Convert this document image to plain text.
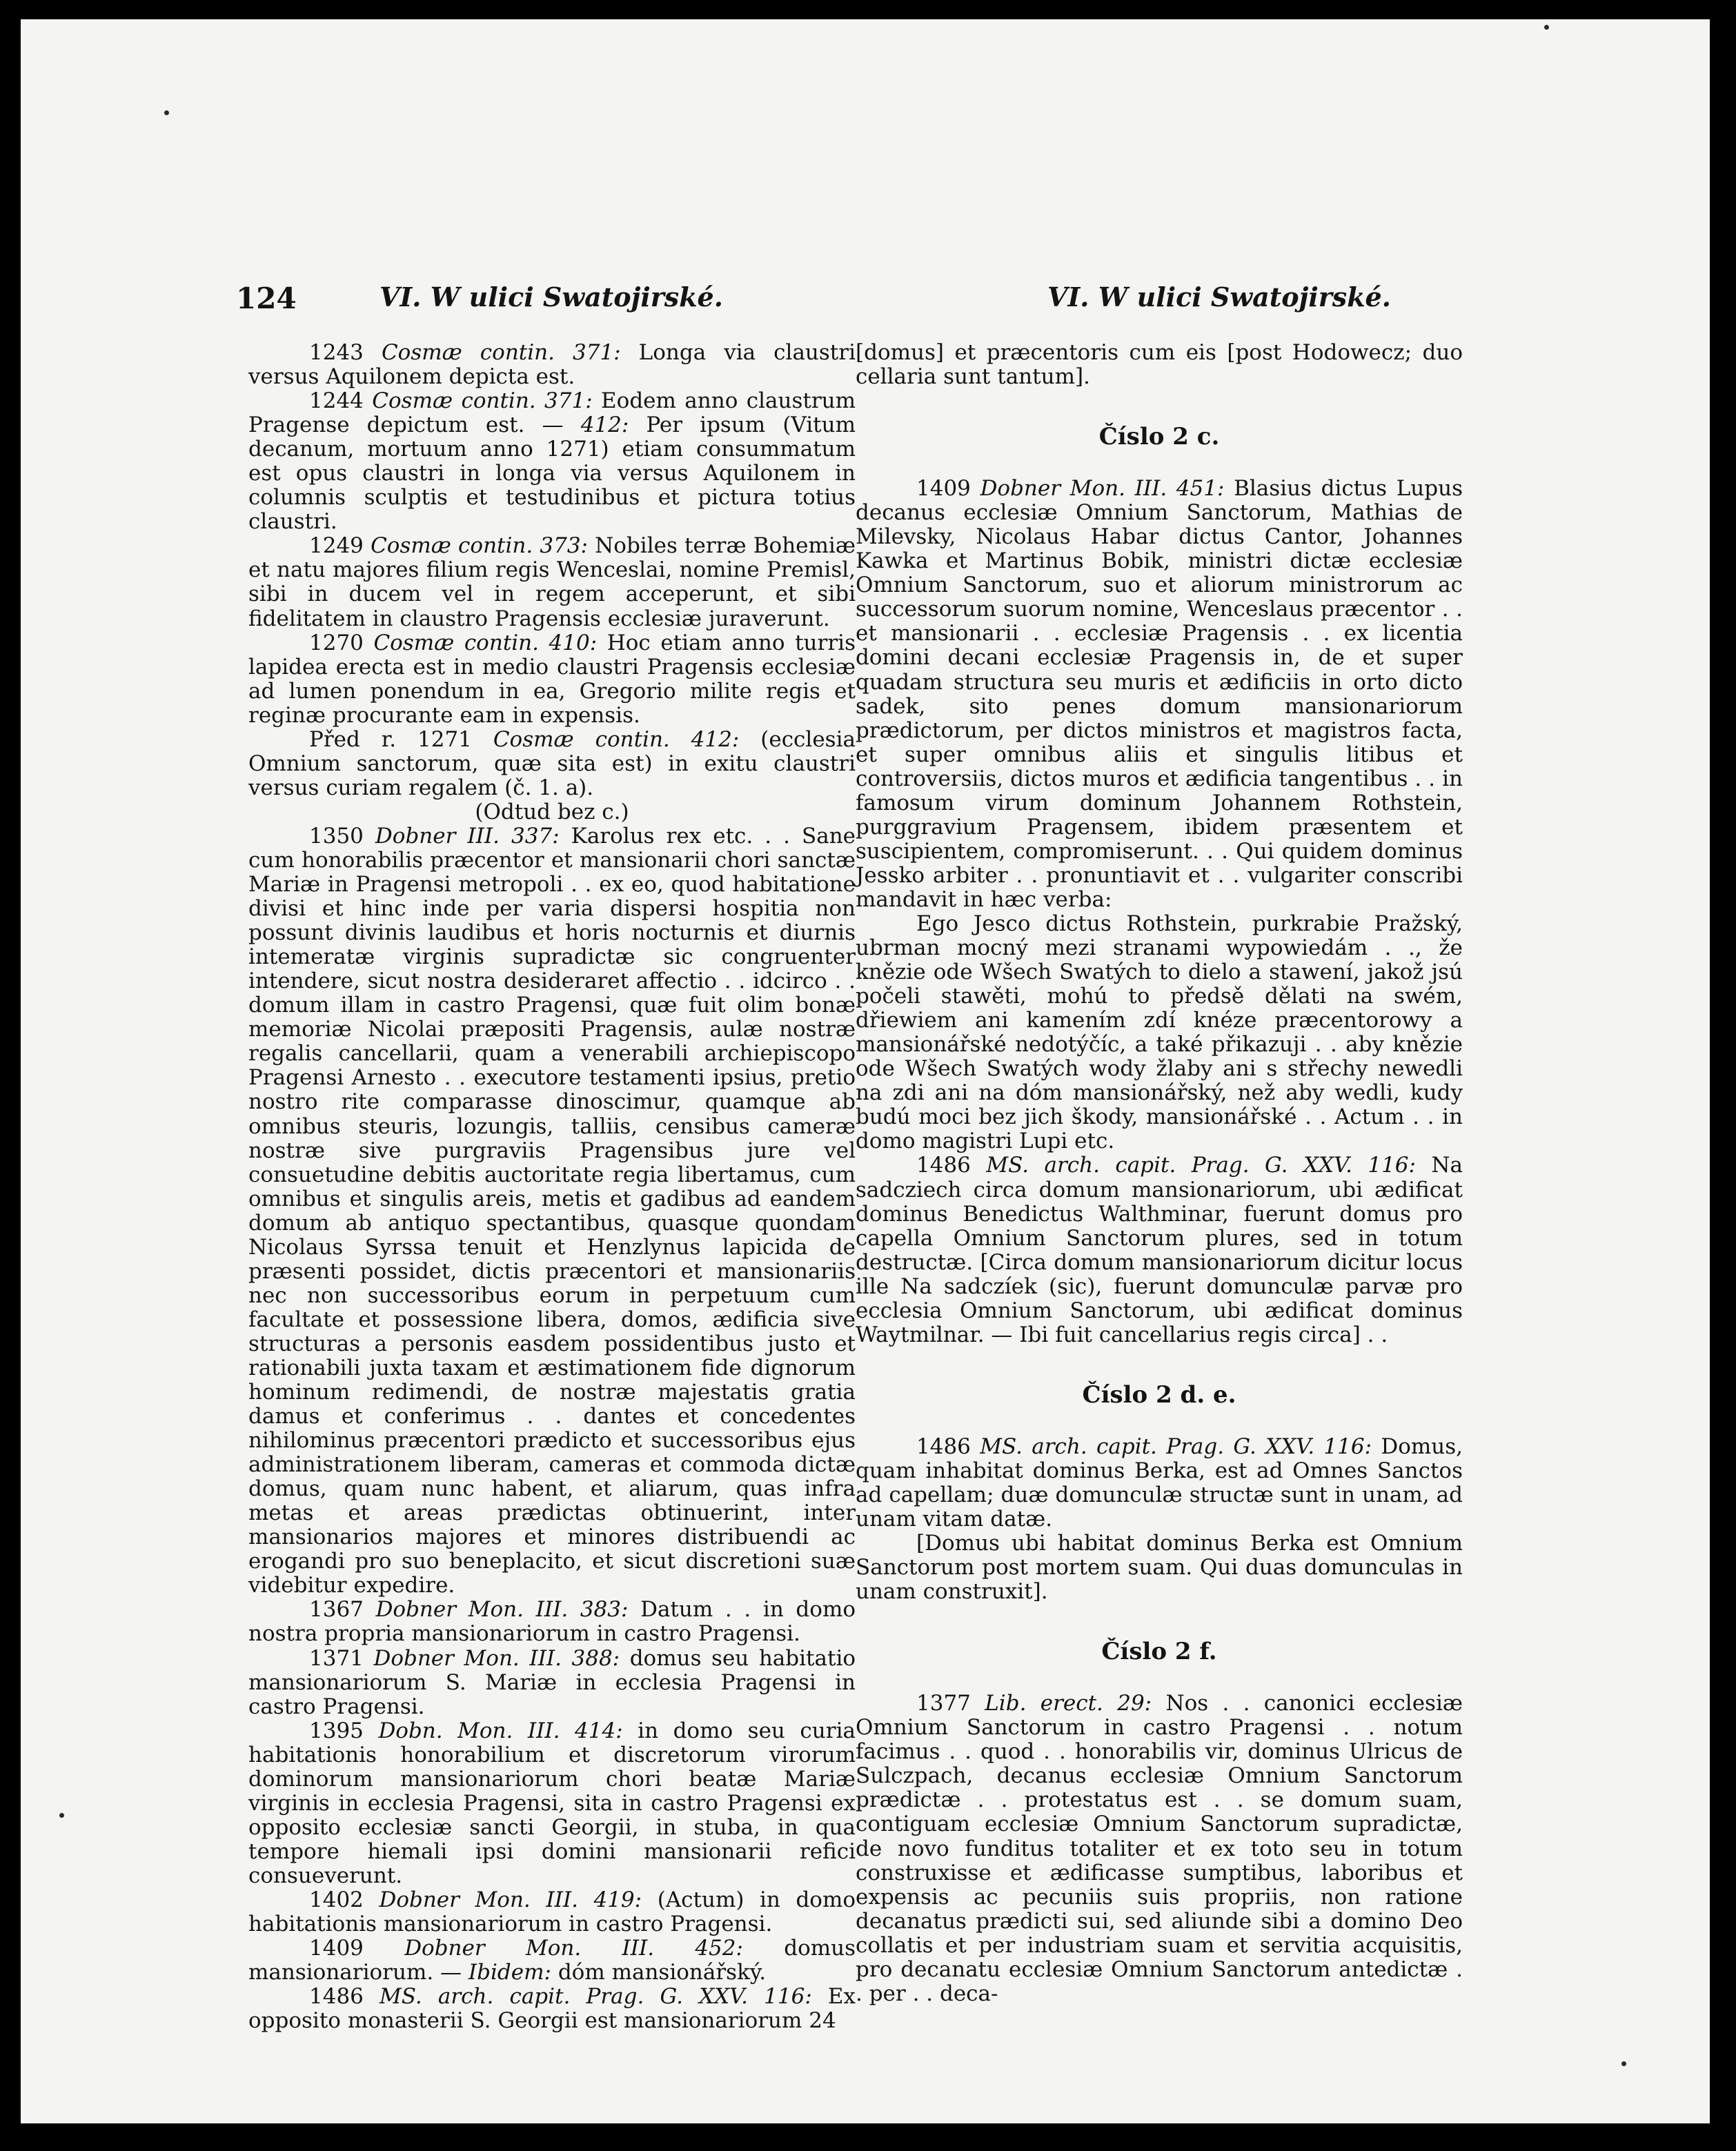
124	VI. W ulici Swatojirské.	VI. W ulici Swatojirské.

1243 Cosmæ contin. 371: Longa via claustri versus Aquilonem depicta est.

1244 Cosmæ contin. 371: Eodem anno claustrum Pragense depictum est. — 412: Per ipsum (Vitum decanum, mortuum anno 1271) etiam consummatum est opus claustri in longa via versus Aquilonem in columnis sculptis et testudinibus et pictura totius claustri.

1249 Cosmæ contin. 373: Nobiles terræ Bohemiæ et natu majores filium regis Wenceslai, nomine Premisl, sibi in ducem vel in regem acceperunt, et sibi fidelitatem in claustro Pragensis ecclesiæ juraverunt.

1270 Cosmæ contin. 410: Hoc etiam anno turris lapidea erecta est in medio claustri Pragensis ecclesiæ ad lumen ponendum in ea, Gregorio milite regis et reginæ procurante eam in expensis.

Před r. 1271 Cosmæ contin. 412: (ecclesia Omnium sanctorum, quæ sita est) in exitu claustri versus curiam regalem (č. 1. a).

(Odtud bez c.)

1350 Dobner III. 337: Karolus rex etc. . . Sane cum honorabilis præcentor et mansionarii chori sanctæ Mariæ in Pragensi metropoli . . ex eo, quod habitatione divisi et hinc inde per varia dispersi hospitia non possunt divinis laudibus et horis nocturnis et diurnis intemeratæ virginis supradictæ sic congruenter intendere, sicut nostra desideraret affectio . . idcirco . . domum illam in castro Pragensi, quæ fuit olim bonæ memoriæ Nicolai præpositi Pragensis, aulæ nostræ regalis cancellarii, quam a venerabili archiepiscopo Pragensi Arnesto . . executore testamenti ipsius, pretio nostro rite comparasse dinoscimur, quamque ab omnibus steuris, lozungis, talliis, censibus cameræ nostræ sive purgraviis Pragensibus jure vel consuetudine debitis auctoritate regia libertamus, cum omnibus et singulis areis, metis et gadibus ad eandem domum ab antiquo spectantibus, quasque quondam Nicolaus Syrssa tenuit et Henzlynus lapicida de præsenti possidet, dictis præcentori et mansionariis nec non successoribus eorum in perpetuum cum facultate et possessione libera, domos, ædificia sive structuras a personis easdem possidentibus justo et rationabili juxta taxam et æstimationem fide dignorum hominum redimendi, de nostræ majestatis gratia damus et conferimus . . dantes et concedentes nihilominus præcentori prædicto et successoribus ejus administrationem liberam, cameras et commoda dictæ domus, quam nunc habent, et aliarum, quas infra metas et areas prædictas obtinuerint, inter mansionarios majores et minores distribuendi ac erogandi pro suo beneplacito, et sicut discretioni suæ videbitur expedire.

1367 Dobner Mon. III. 383: Datum . . in domo nostra propria mansionariorum in castro Pragensi.

1371 Dobner Mon. III. 388: domus seu habitatio mansionariorum S. Mariæ in ecclesia Pragensi in castro Pragensi.

1395 Dobn. Mon. III. 414: in domo seu curia habitationis honorabilium et discretorum virorum dominorum mansionariorum chori beatæ Mariæ virginis in ecclesia Pragensi, sita in castro Pragensi ex opposito ecclesiæ sancti Georgii, in stuba, in qua tempore hiemali ipsi domini mansionarii refici consueverunt.

1402 Dobner Mon. III. 419: (Actum) in domo habitationis mansionariorum in castro Pragensi.

1409 Dobner Mon. III. 452: domus mansionariorum. — Ibidem: dóm mansionářský.

1486 MS. arch. capit. Prag. G. XXV. 116: Ex opposito monasterii S. Georgii est mansionariorum 24

[domus] et præcentoris cum eis [post Hodowecz; duo cellaria sunt tantum].

Číslo 2 c.

1409 Dobner Mon. III. 451: Blasius dictus Lupus decanus ecclesiæ Omnium Sanctorum, Mathias de Milevsky, Nicolaus Habar dictus Cantor, Johannes Kawka et Martinus Bobik, ministri dictæ ecclesiæ Omnium Sanctorum, suo et aliorum ministrorum ac successorum suorum nomine, Wenceslaus præcentor . . et mansionarii . . ecclesiæ Pragensis . . ex licentia domini decani ecclesiæ Pragensis in, de et super quadam structura seu muris et ædificiis in orto dicto sadek, sito penes domum mansionariorum prædictorum, per dictos ministros et magistros facta, et super omnibus aliis et singulis litibus et controversiis, dictos muros et ædificia tangentibus . . in famosum virum dominum Johannem Rothstein, purggravium Pragensem, ibidem præsentem et suscipientem, compromiserunt. . . Qui quidem dominus Jessko arbiter . . pronuntiavit et . . vulgariter conscribi mandavit in hæc verba:

Ego Jesco dictus Rothstein, purkrabie Pražský, ubrman mocný mezi stranami wypowiedám . ., že knězie ode Wšech Swatých to dielo a stawení, jakož jsú počeli stawěti, mohú to předsě dělati na swém, dřiewiem ani kamením zdí knéze præcentorowy a mansionářské nedotýčíc, a také přikazuji . . aby knězie ode Wšech Swatých wody žlaby ani s střechy newedli na zdi ani na dóm mansionářský, než aby wedli, kudy budú moci bez jich škody, mansionářské . . Actum . . in domo magistri Lupi etc.

1486 MS. arch. capit. Prag. G. XXV. 116: Na sadcziech circa domum mansionariorum, ubi ædificat dominus Benedictus Walthminar, fuerunt domus pro capella Omnium Sanctorum plures, sed in totum destructæ. [Circa domum mansionariorum dicitur locus ille Na sadczíek (sic), fuerunt domunculæ parvæ pro ecclesia Omnium Sanctorum, ubi ædificat dominus Waytmilnar. — Ibi fuit cancellarius regis circa] . .

Číslo 2 d. e.

1486 MS. arch. capit. Prag. G. XXV. 116: Domus, quam inhabitat dominus Berka, est ad Omnes Sanctos ad capellam; duæ domunculæ structæ sunt in unam, ad unam vitam datæ.

[Domus ubi habitat dominus Berka est Omnium Sanctorum post mortem suam. Qui duas domunculas in unam construxit].

Číslo 2 f.

1377 Lib. erect. 29: Nos . . canonici ecclesiæ Omnium Sanctorum in castro Pragensi . . notum facimus . . quod . . honorabilis vir, dominus Ulricus de Sulczpach, decanus ecclesiæ Omnium Sanctorum prædictæ . . protestatus est . . se domum suam, contiguam ecclesiæ Omnium Sanctorum supradictæ, de novo funditus totaliter et ex toto seu in totum construxisse et ædificasse sumptibus, laboribus et expensis ac pecuniis suis propriis, non ratione decanatus prædicti sui, sed aliunde sibi a domino Deo collatis et per industriam suam et servitia acquisitis, pro decanatu ecclesiæ Omnium Sanctorum antedictæ . . per . . deca-
